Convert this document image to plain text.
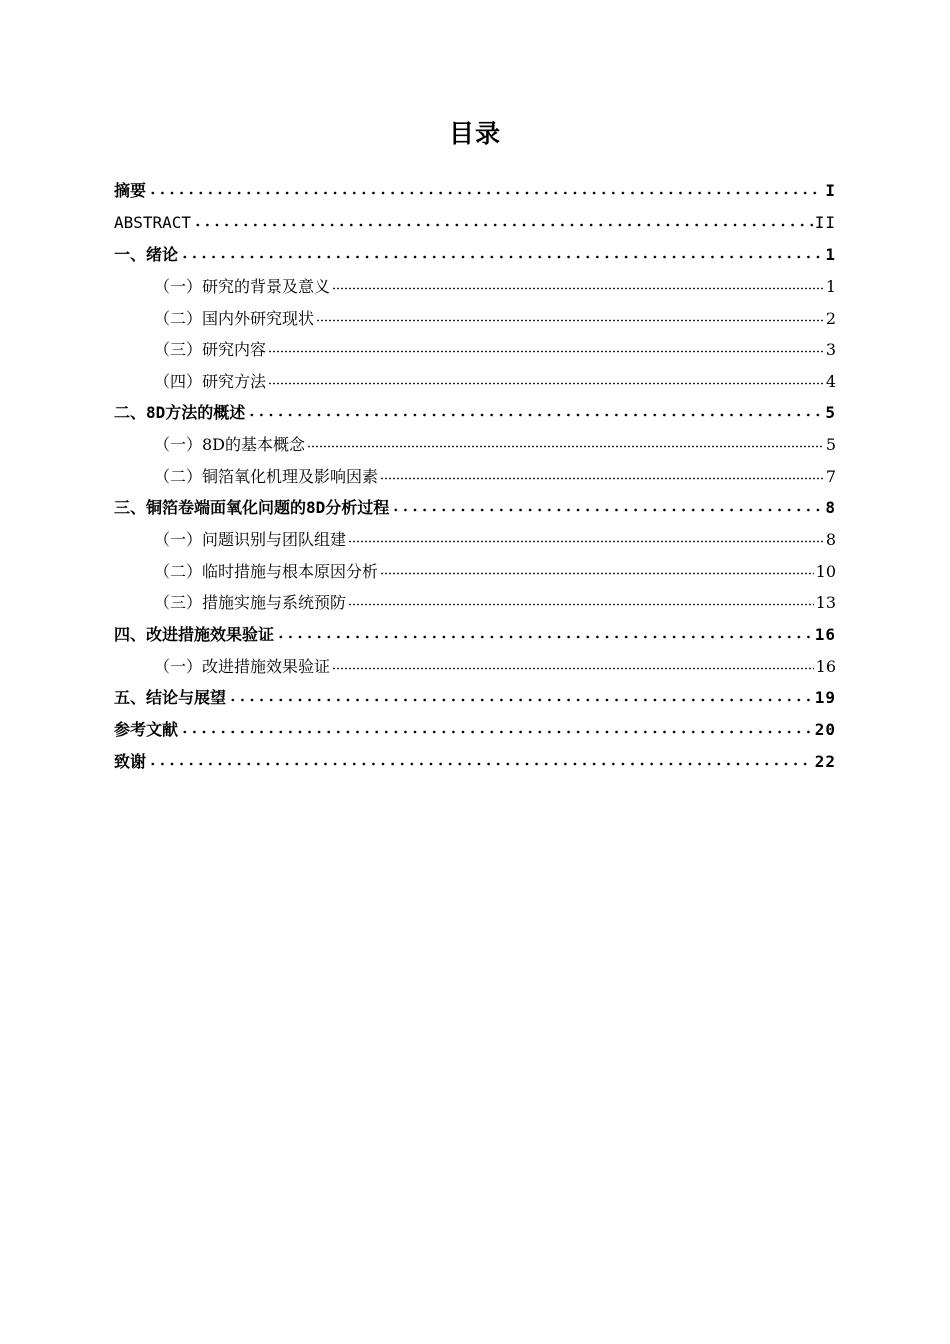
目录
摘要	I
ABSTRACT	II
一、绪论	1
（一）研究的背景及意义	1
（二）国内外研究现状	2
（三）研究内容	3
（四）研究方法	4
二、8D方法的概述	5
（一）8D的基本概念	5
（二）铜箔氧化机理及影响因素	7
三、铜箔卷端面氧化问题的8D分析过程	8
（一）问题识别与团队组建	8
（二）临时措施与根本原因分析	10
（三）措施实施与系统预防	13
四、改进措施效果验证	16
（一）改进措施效果验证	16
五、结论与展望	19
参考文献	20
致谢	22
